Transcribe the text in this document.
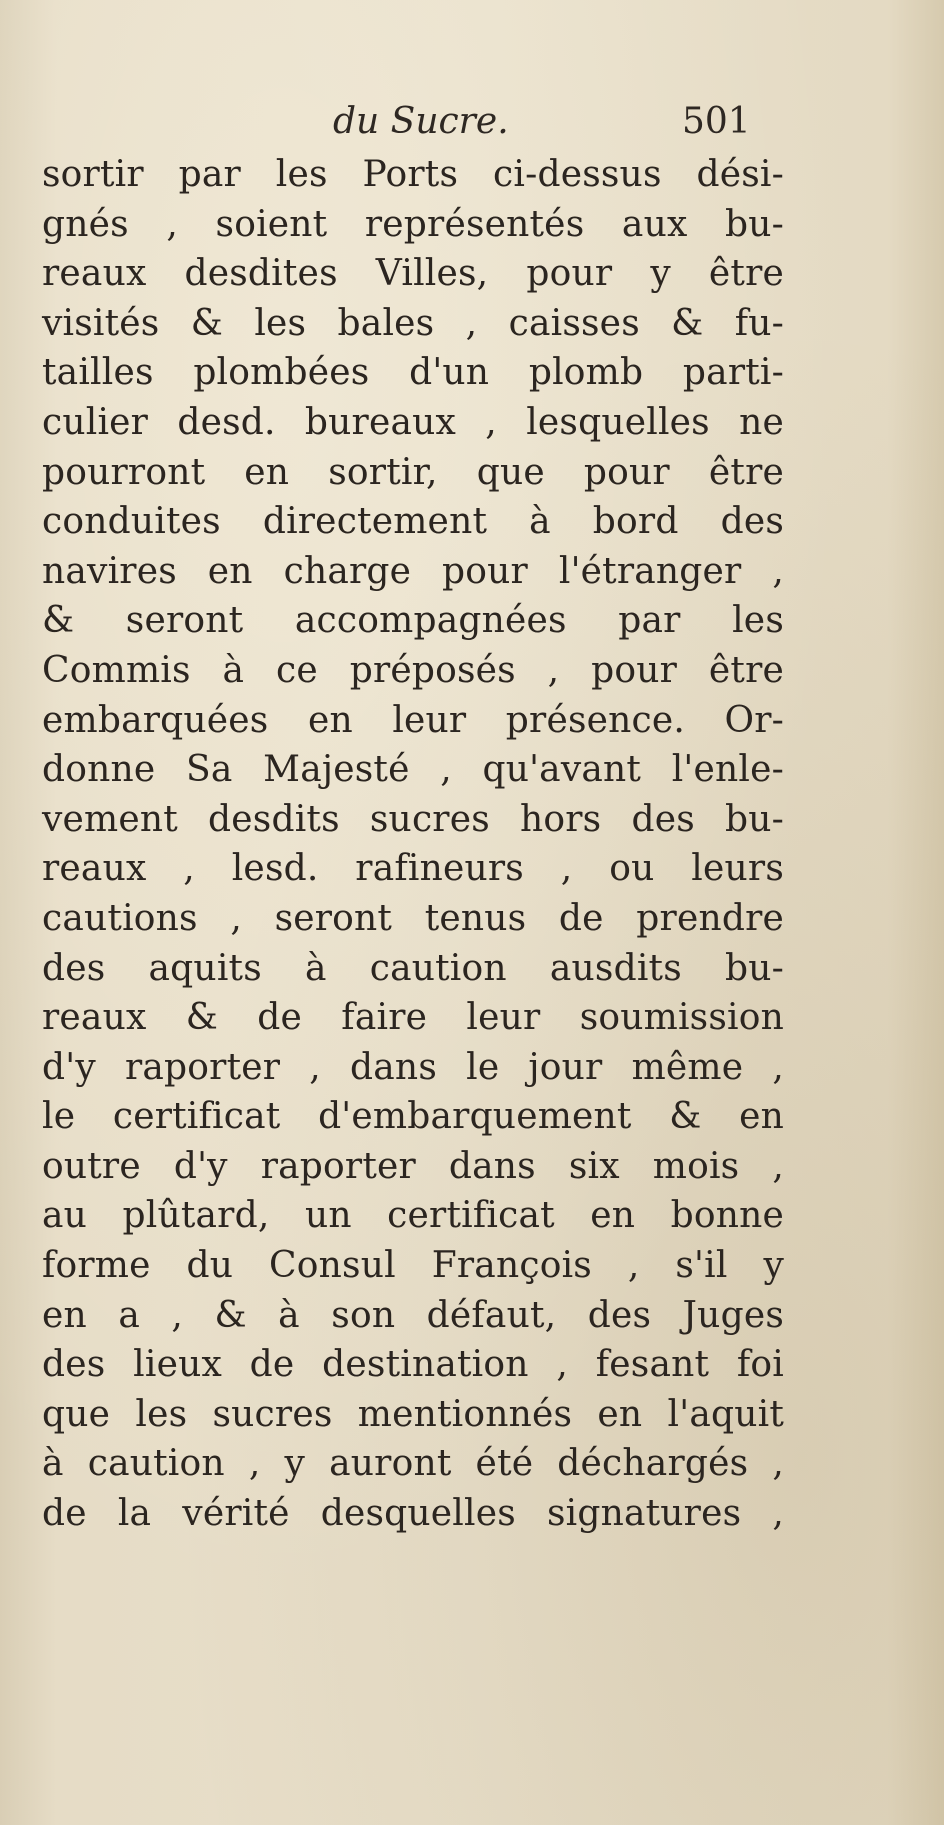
du Sucre.	501
sortir par les Ports ci-dessus dési-
gnés , soient représentés aux bu-
reaux desdites Villes, pour y être
visités & les bales , caisses & fu-
tailles plombées d'un plomb parti-
culier desd. bureaux , lesquelles ne
pourront en sortir, que pour être
conduites directement à bord des
navires en charge pour l'étranger ,
& seront accompagnées par les
Commis à ce préposés , pour être
embarquées en leur présence. Or-
donne Sa Majesté , qu'avant l'enle-
vement desdits sucres hors des bu-
reaux , lesd. rafineurs , ou leurs
cautions , seront tenus de prendre
des aquits à caution ausdits bu-
reaux & de faire leur soumission
d'y raporter , dans le jour même ,
le certificat d'embarquement & en
outre d'y raporter dans six mois ,
au plûtard, un certificat en bonne
forme du Consul François , s'il y
en a , & à son défaut, des Juges
des lieux de destination , fesant foi
que les sucres mentionnés en l'aquit
à caution , y auront été déchargés ,
de la vérité desquelles signatures ,
